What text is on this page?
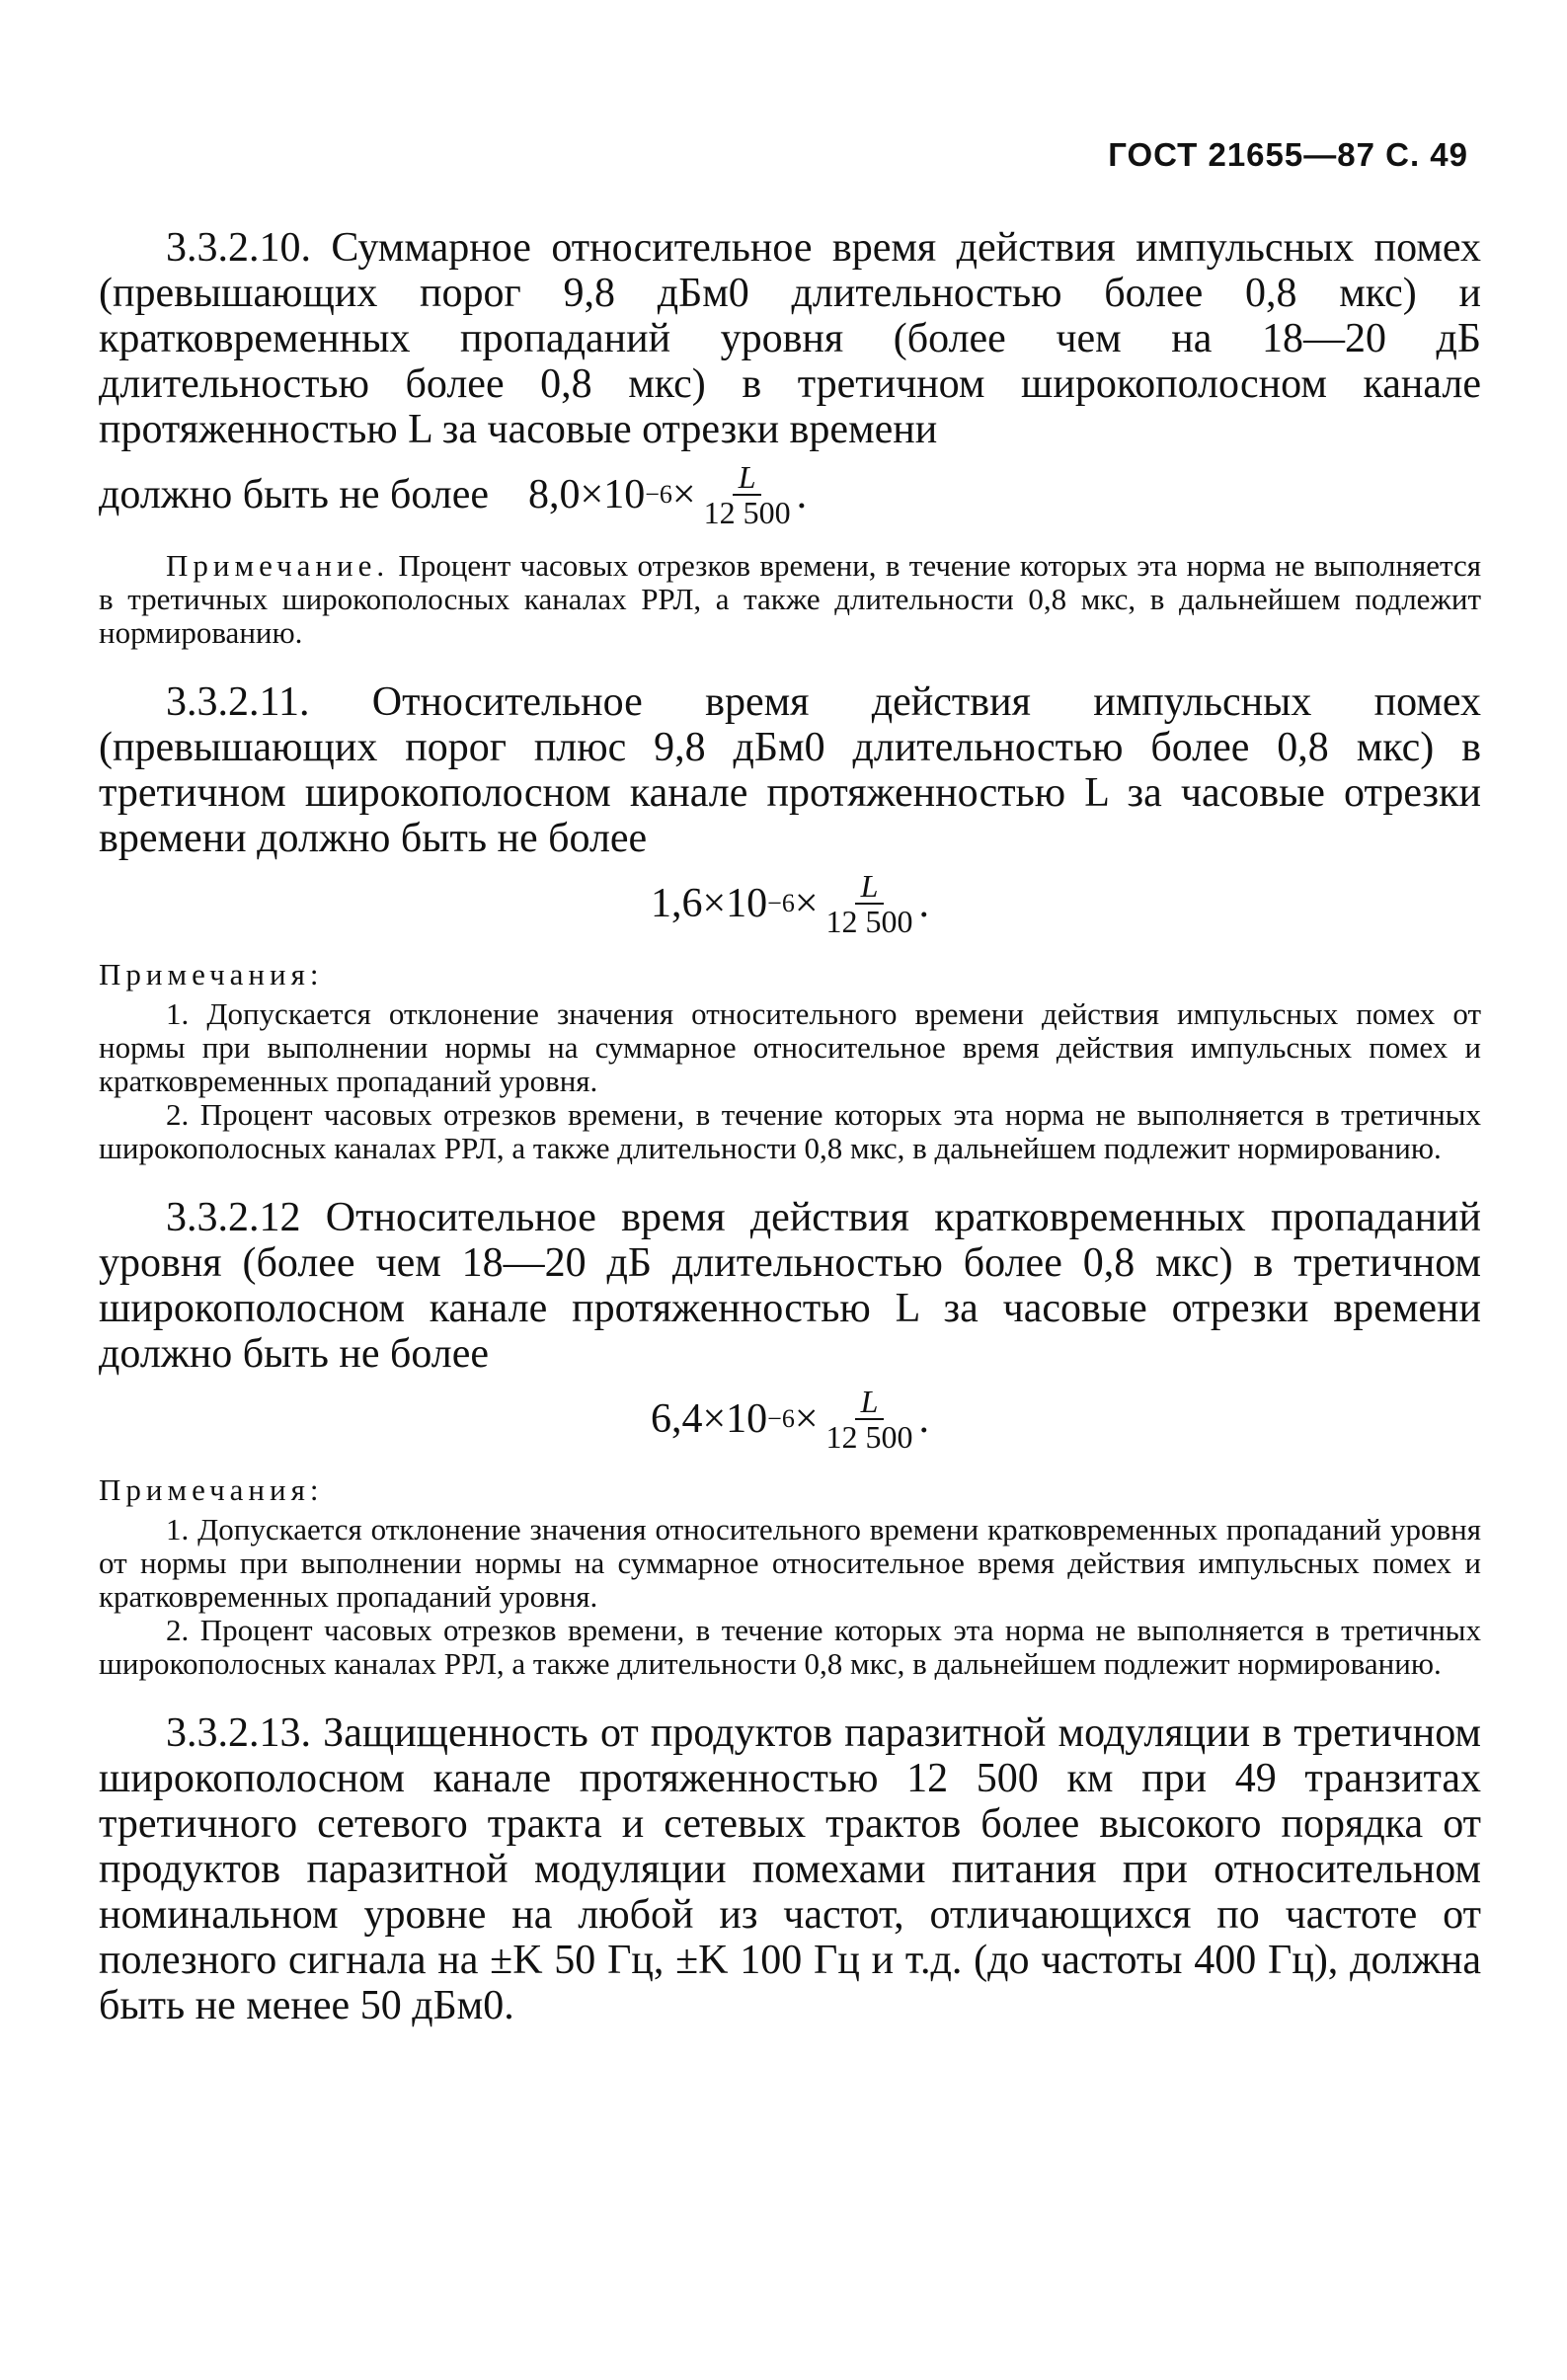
ГОСТ 21655—87 С. 49

3.3.2.10. Суммарное относительное время действия импульсных помех (превышающих порог 9,8 дБм0 длительностью более 0,8 мкс) и кратковременных пропаданий уровня (более чем на 18—20 дБ длительностью более 0,8 мкс) в третичном широкополосном канале протяженностью L за часовые отрезки времени

должно быть не более $8,0\times 10 -6 \times \frac{L}{12 500}$ .

Примечание. Процент часовых отрезков времени, в течение которых эта норма не выполняется в третичных широкополосных каналах РРЛ, а также длительности 0,8 мкс, в дальнейшем подлежит нормированию.

3.3.2.11. Относительное время действия импульсных помех (превышающих порог плюс 9,8 дБм0 длительностью более 0,8 мкс) в третичном широкополосном канале протяженностью L за часовые отрезки времени должно быть не более

$1,6\times 10 -6 \times \frac{L}{12 500}$ .

Примечания:

1. Допускается отклонение значения относительного времени действия импульсных помех от нормы при выполнении нормы на суммарное относительное время действия импульсных помех и кратковременных пропаданий уровня.

2. Процент часовых отрезков времени, в течение которых эта норма не выполняется в третичных широкополосных каналах РРЛ, а также длительности 0,8 мкс, в дальнейшем подлежит нормированию.

3.3.2.12 Относительное время действия кратковременных пропаданий уровня (более чем 18—20 дБ длительностью более 0,8 мкс) в третичном широкополосном канале протяженностью L за часовые отрезки времени должно быть не более

$6,4\times 10 -6 \times \frac{L}{12 500}$ .

Примечания:

1. Допускается отклонение значения относительного времени кратковременных пропаданий уровня от нормы при выполнении нормы на суммарное относительное время действия импульсных помех и кратковременных пропаданий уровня.

2. Процент часовых отрезков времени, в течение которых эта норма не выполняется в третичных широкополосных каналах РРЛ, а также длительности 0,8 мкс, в дальнейшем подлежит нормированию.

3.3.2.13. Защищенность от продуктов паразитной модуляции в третичном широкополосном канале протяженностью 12 500 км при 49 транзитах третичного сетевого тракта и сетевых трактов более высокого порядка от продуктов паразитной модуляции помехами питания при относительном номинальном уровне на любой из частот, отличающихся по частоте от полезного сигнала на ±K 50 Гц, ±K 100 Гц и т.д. (до частоты 400 Гц), должна быть не менее 50 дБм0.
